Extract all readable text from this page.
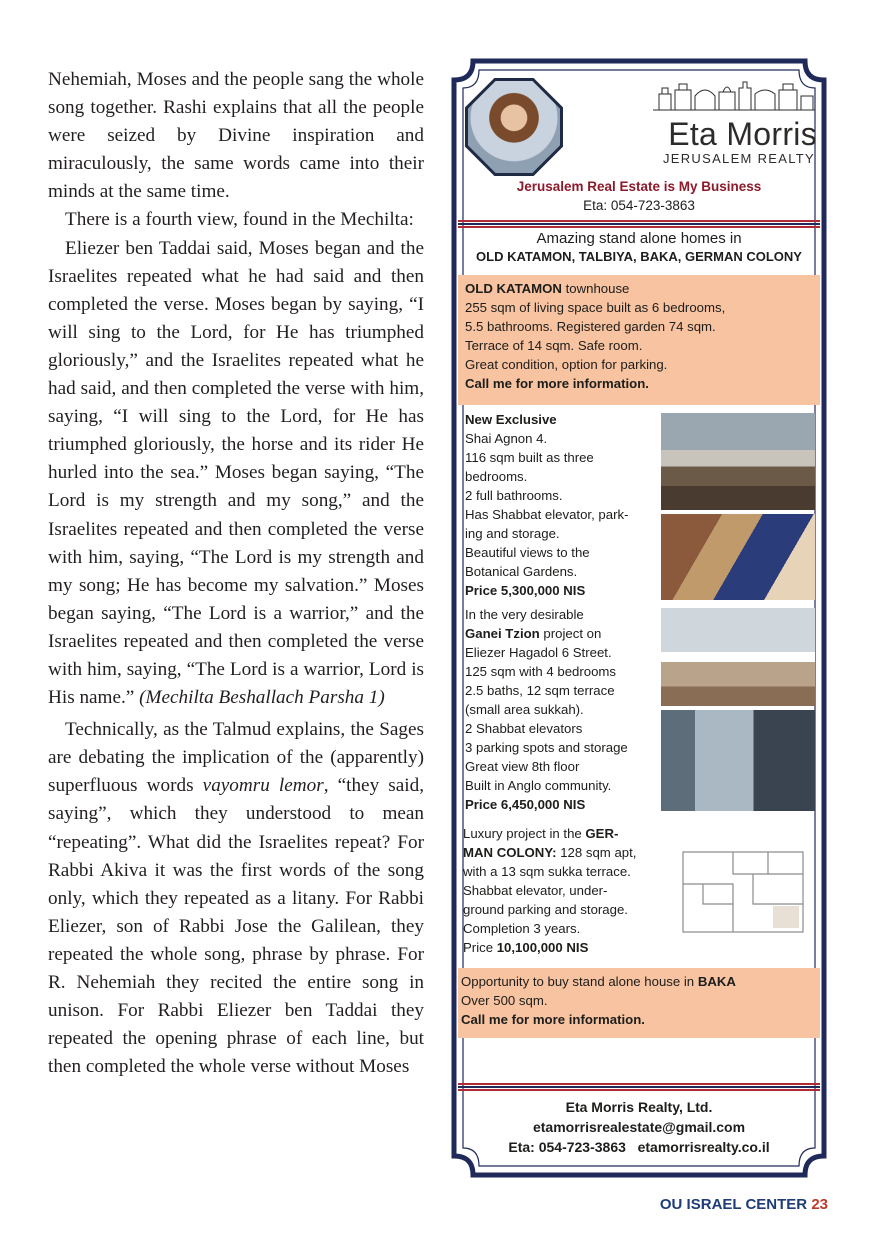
Nehemiah, Moses and the people sang the whole song together. Rashi explains that all the people were seized by Divine inspiration and miraculously, the same words came into their minds at the same time.

There is a fourth view, found in the Mechilta:

Eliezer ben Taddai said, Moses began and the Israelites repeated what he had said and then completed the verse. Moses began by saying, “I will sing to the Lord, for He has triumphed gloriously,” and the Israelites repeated what he had said, and then completed the verse with him, saying, “I will sing to the Lord, for He has triumphed gloriously, the horse and its rider He hurled into the sea.” Moses began saying, “The Lord is my strength and my song,” and the Israelites repeated and then completed the verse with him, saying, “The Lord is my strength and my song; He has become my salvation.” Moses began saying, “The Lord is a warrior,” and the Israelites repeated and then completed the verse with him, saying, “The Lord is a warrior, Lord is His name.” (Mechilta Beshallach Parsha 1)

Technically, as the Talmud explains, the Sages are debating the implication of the (apparently) superfluous words vayomru lemor, “they said, saying”, which they understood to mean “repeating”. What did the Israelites repeat? For Rabbi Akiva it was the first words of the song only, which they repeated as a litany. For Rabbi Eliezer, son of Rabbi Jose the Galilean, they repeated the whole song, phrase by phrase. For R. Nehemiah they recited the entire song in unison. For Rabbi Eliezer ben Taddai they repeated the opening phrase of each line, but then completed the whole verse without Moses

Eta Morris
JERUSALEM REALTY
Jerusalem Real Estate is My Business
Eta: 054-723-3863
Amazing stand alone homes in
OLD KATAMON, TALBIYA, BAKA, GERMAN COLONY

OLD KATAMON townhouse

255 sqm of living space built as 6 bedrooms,

5.5 bathrooms. Registered garden 74 sqm.

Terrace of 14 sqm. Safe room.

Great condition, option for parking.

Call me for more information.

New Exclusive

Shai Agnon 4.

116 sqm built as three

bedrooms.

2 full bathrooms.

Has Shabbat elevator, park-

ing and storage.

Beautiful views to the

Botanical Gardens.

Price 5,300,000 NIS

In the very desirable

Ganei Tzion project on

Eliezer Hagadol 6 Street.

125 sqm with 4 bedrooms

2.5 baths, 12 sqm terrace

(small area sukkah).

2 Shabbat elevators

3 parking spots and storage

Great view 8th floor

Built in Anglo community.

Price 6,450,000 NIS

Luxury project in the GER-

MAN COLONY: 128 sqm apt,

with a 13 sqm sukka terrace.

Shabbat elevator, under-

ground parking and storage.

Completion 3 years.

Price 10,100,000 NIS

Opportunity to buy stand alone house in BAKA

Over 500 sqm.

Call me for more information.

Eta Morris Realty, Ltd.
etamorrisrealestate@gmail.com
Eta: 054-723-3863 etamorrisrealty.co.il
OU ISRAEL CENTER 23
